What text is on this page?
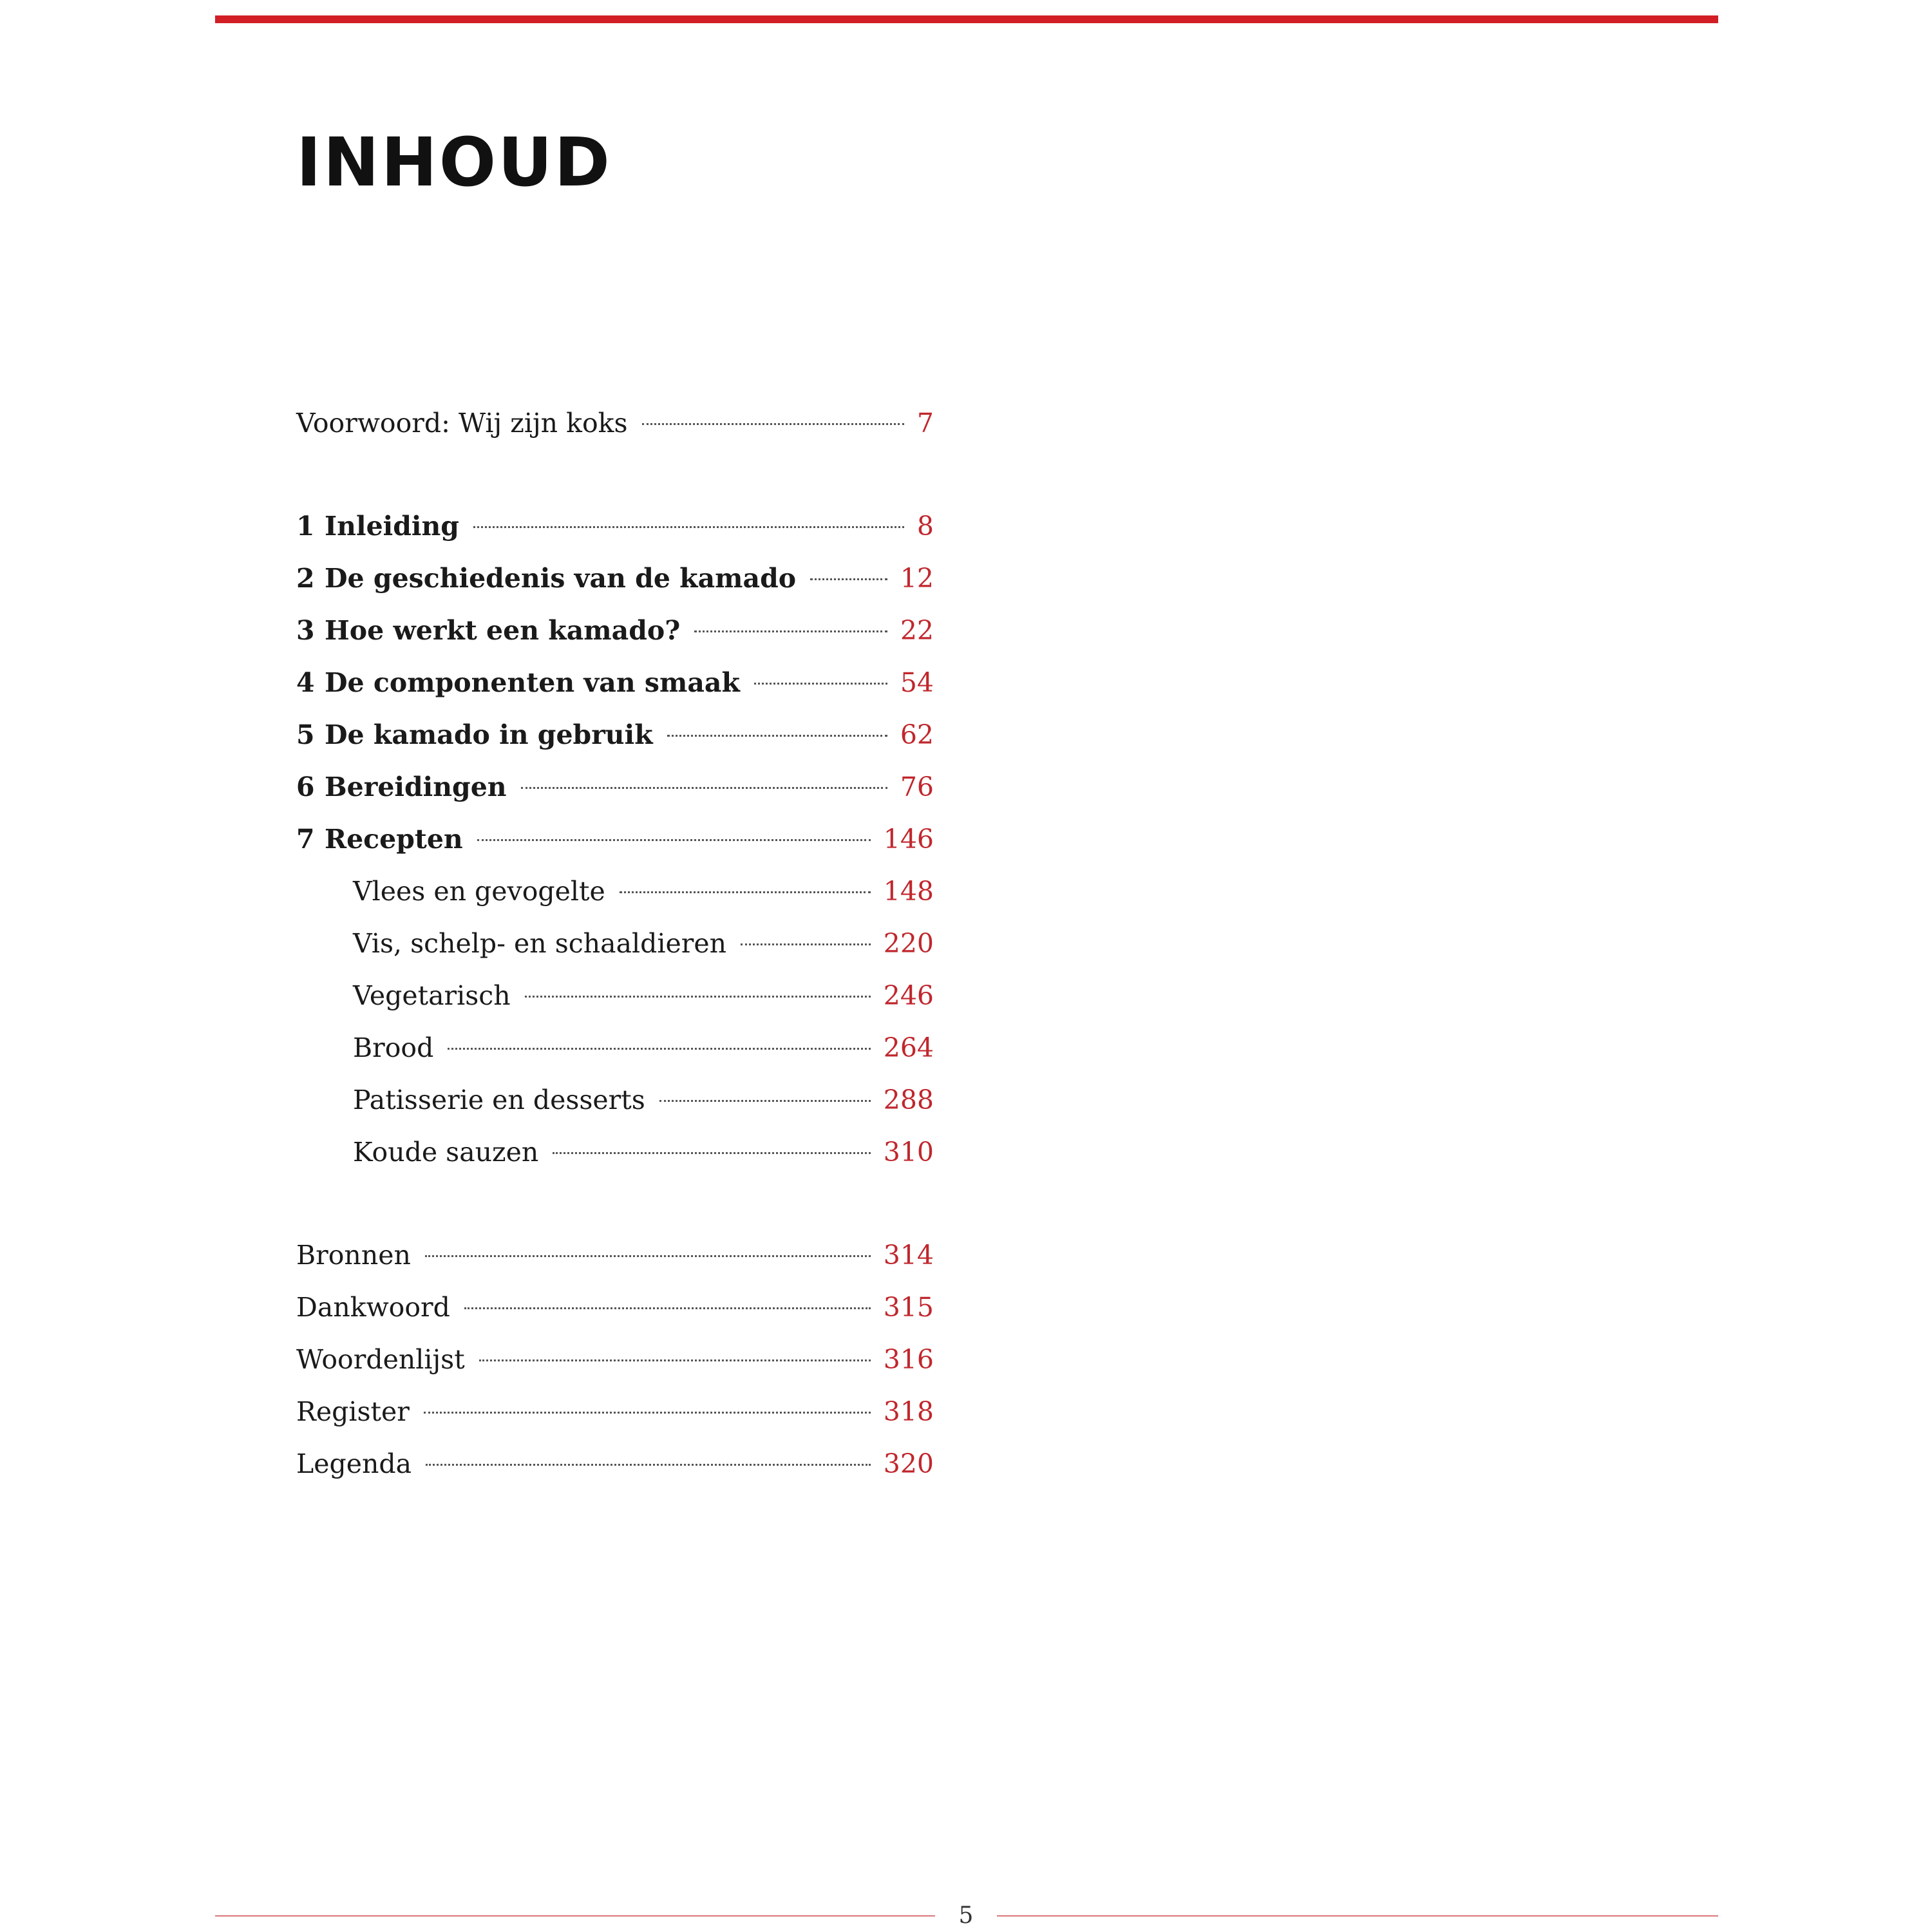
INHOUD
Voorwoord: Wij zijn koks	7
1 Inleiding	8
2 De geschiedenis van de kamado	12
3 Hoe werkt een kamado?	22
4 De componenten van smaak	54
5 De kamado in gebruik	62
6 Bereidingen	76
7 Recepten	146
Vlees en gevogelte	148
Vis, schelp- en schaaldieren	220
Vegetarisch	246
Brood	264
Patisserie en desserts	288
Koude sauzen	310
Bronnen	314
Dankwoord	315
Woordenlijst	316
Register	318
Legenda	320
5
